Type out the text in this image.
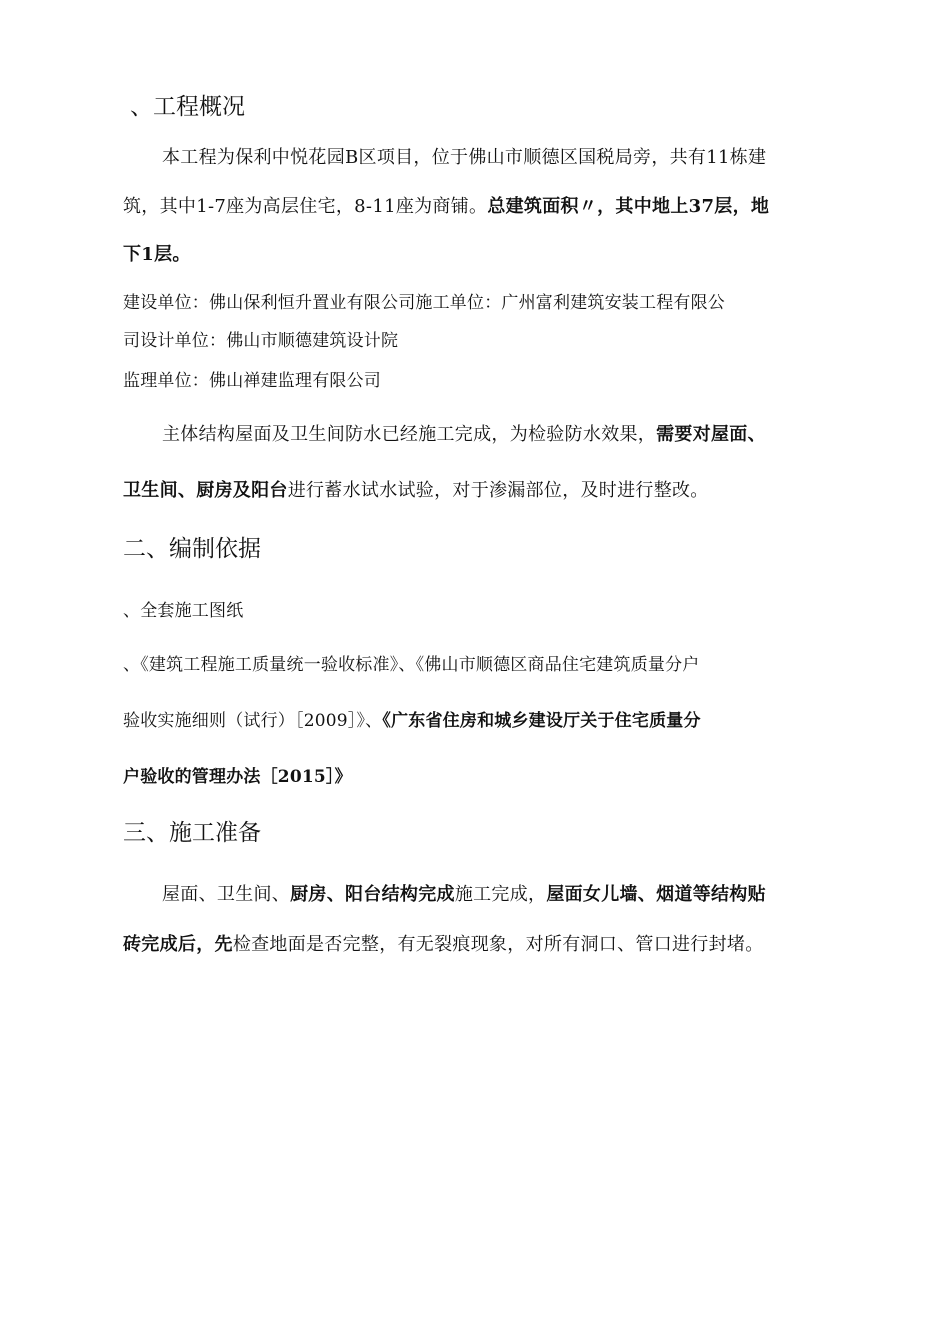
、工程概况
本工程为保利中悦花园B区项目，位于佛山市顺德区国税局旁，共有11栋建
筑，其中1-7座为高层住宅，8-11座为商铺。总建筑面积〃，其中地上37层，地
下1层。
建设单位：佛山保利恒升置业有限公司施工单位：广州富利建筑安装工程有限公
司设计单位：佛山市顺德建筑设计院
监理单位：佛山禅建监理有限公司
主体结构屋面及卫生间防水已经施工完成，为检验防水效果，需要对屋面、
卫生间、厨房及阳台进行蓄水试水试验，对于渗漏部位，及时进行整改。
二、编制依据
、全套施工图纸
、《建筑工程施工质量统一验收标准》、《佛山市顺德区商品住宅建筑质量分户
验收实施细则（试行）［2009］》、《广东省住房和城乡建设厅关于住宅质量分
户验收的管理办法［2015］》
三、施工准备
屋面、卫生间、厨房、阳台结构完成施工完成，屋面女儿墙、烟道等结构贴
砖完成后，先检查地面是否完整，有无裂痕现象，对所有洞口、管口进行封堵。
